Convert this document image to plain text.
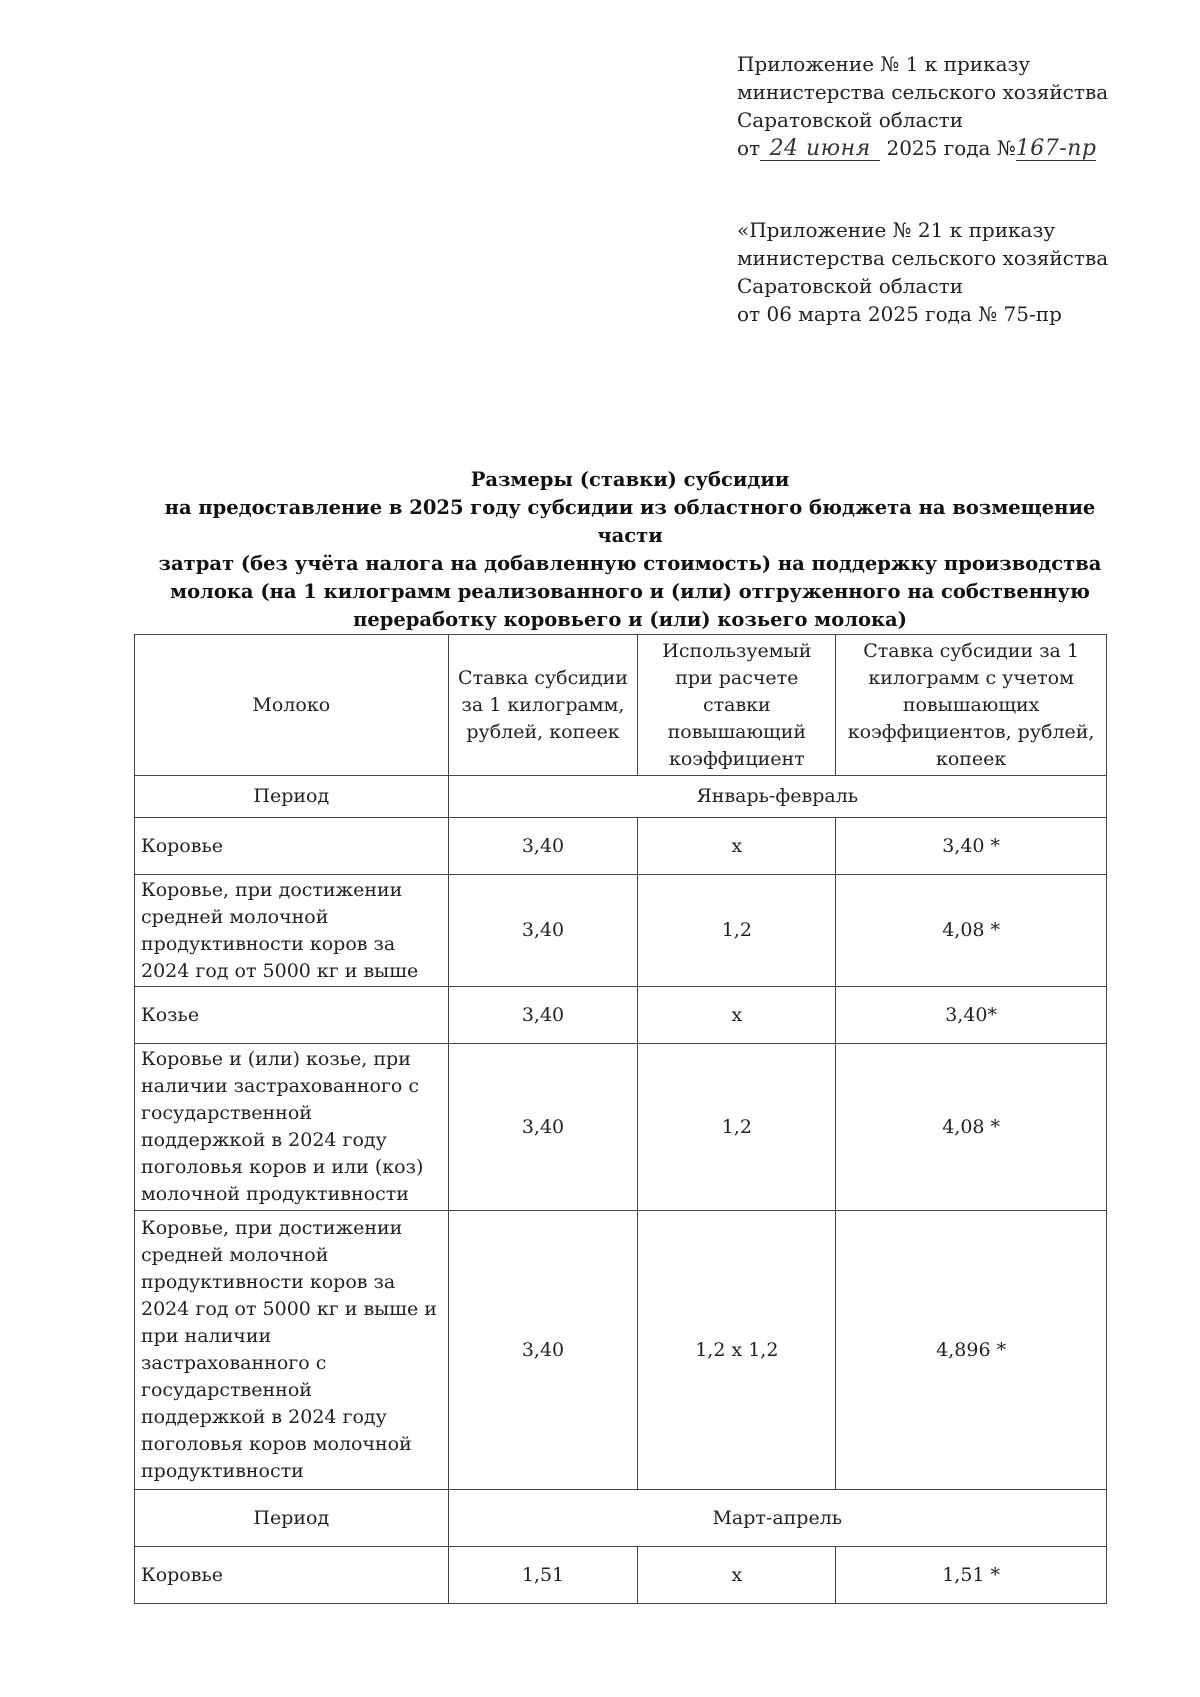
Приложение № 1 к приказу
министерства сельского хозяйства
Саратовской области
от 24 июня 2025 года №167-пр
«Приложение № 21 к приказу
министерства сельского хозяйства
Саратовской области
от 06 марта 2025 года № 75-пр
Размеры (ставки) субсидии
на предоставление в 2025 году субсидии из областного бюджета на возмещение части
затрат (без учёта налога на добавленную стоимость) на поддержку производства
молока (на 1 килограмм реализованного и (или) отгруженного на собственную
переработку коровьего и (или) козьего молока)
Молоко	Ставка субсидии за 1 килограмм, рублей, копеек	Используемый при расчете ставки повышающий коэффициент	Ставка субсидии за 1 килограмм с учетом повышающих коэффициентов, рублей, копеек
Период	Январь-февраль		
Коровье	3,40	х	3,40 *
Коровье, при достижении средней молочной продуктивности коров за 2024 год от 5000 кг и выше	3,40	1,2	4,08 *
Козье	3,40	х	3,40*
Коровье и (или) козье, при наличии застрахованного с государственной поддержкой в 2024 году поголовья коров и или (коз) молочной продуктивности	3,40	1,2	4,08 *
Коровье, при достижении средней молочной продуктивности коров за 2024 год от 5000 кг и выше и при наличии застрахованного с государственной поддержкой в 2024 году поголовья коров молочной продуктивности	3,40	1,2 х 1,2	4,896 *
Период	Март-апрель		
Коровье	1,51	х	1,51 *
